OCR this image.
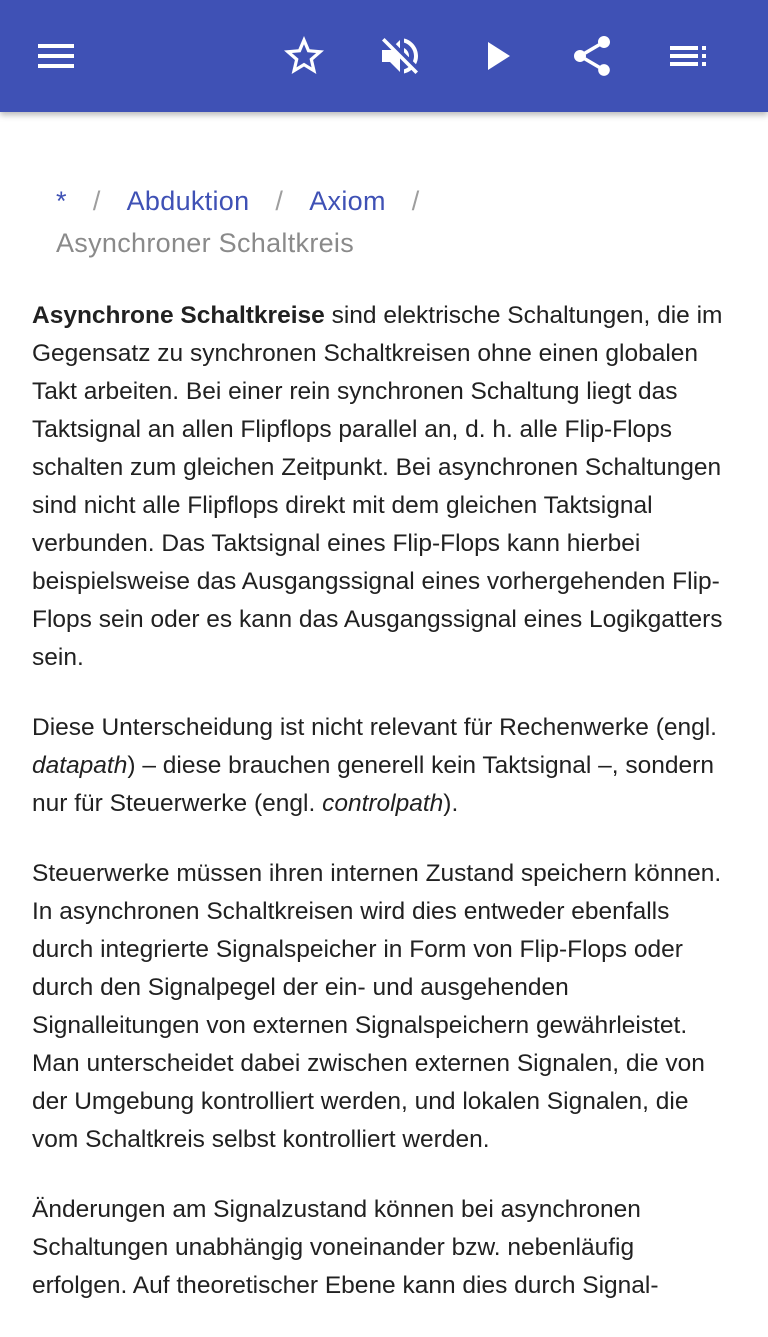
* / Abduktion / Axiom /
Asynchroner Schaltkreis

Asynchrone Schaltkreise sind elektrische Schaltungen, die im Gegensatz zu synchronen Schaltkreisen ohne einen globalen Takt arbeiten. Bei einer rein synchronen Schaltung liegt das Taktsignal an allen Flipflops parallel an, d. h. alle Flip-Flops schalten zum gleichen Zeitpunkt. Bei asynchronen Schaltungen sind nicht alle Flipflops direkt mit dem gleichen Taktsignal verbunden. Das Taktsignal eines Flip-Flops kann hierbei beispielsweise das Ausgangssignal eines vorhergehenden Flip-Flops sein oder es kann das Ausgangssignal eines Logikgatters sein.

Diese Unterscheidung ist nicht relevant für Rechenwerke (engl. datapath) – diese brauchen generell kein Taktsignal –, sondern nur für Steuerwerke (engl. controlpath).

Steuerwerke müssen ihren internen Zustand speichern können. In asynchronen Schaltkreisen wird dies entweder ebenfalls durch integrierte Signalspeicher in Form von Flip-Flops oder durch den Signalpegel der ein- und ausgehenden Signalleitungen von externen Signalspeichern gewährleistet. Man unterscheidet dabei zwischen externen Signalen, die von der Umgebung kontrolliert werden, und lokalen Signalen, die vom Schaltkreis selbst kontrolliert werden.

Änderungen am Signalzustand können bei asynchronen Schaltungen unabhängig voneinander bzw. nebenläufig erfolgen. Auf theoretischer Ebene kann dies durch Signal-
